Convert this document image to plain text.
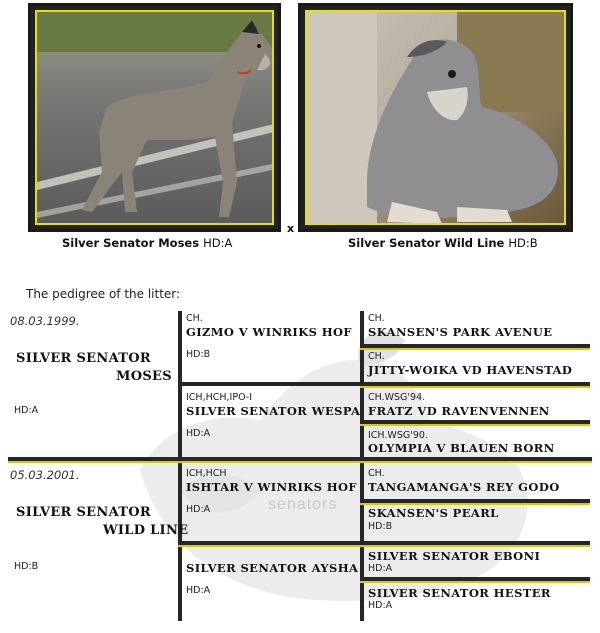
Silver Senator Moses HD:A
x
Silver Senator Wild Line HD:B
The pedigree of the litter:
senators
08.03.1999.
SILVER SENATOR
MOSES
HD:A
CH.
GIZMO V WINRIKS HOF
HD:B
ICH,HCH,IPO-I
SILVER SENATOR WESPA
HD:A
CH.
SKANSEN'S PARK AVENUE
CH.
JITTY-WOIKA VD HAVENSTAD
CH.WSG'94.
FRATZ VD RAVENVENNEN
ICH.WSG'90.
OLYMPIA V BLAUEN BORN
05.03.2001.
SILVER SENATOR
WILD LINE
HD:B
ICH,HCH
ISHTAR V WINRIKS HOF
HD:A
SILVER SENATOR AYSHA
HD:A
CH.
TANGAMANGA'S REY GODO
SKANSEN'S PEARL
HD:B
SILVER SENATOR EBONI
HD:A
SILVER SENATOR HESTER
HD:A
